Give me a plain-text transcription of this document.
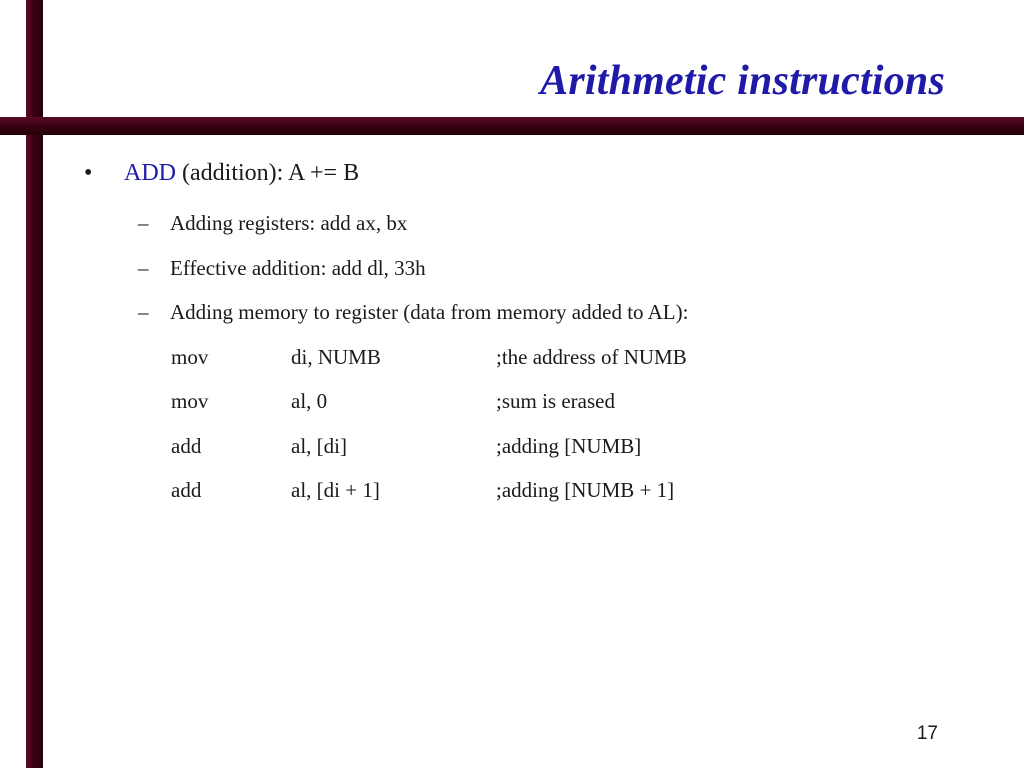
Arithmetic instructions
• ADD (addition): A += B
– Adding registers: add ax, bx
– Effective addition: add dl, 33h
– Adding memory to register (data from memory added to AL):
mov	di, NUMB	;the address of NUMB
mov	al, 0	;sum is erased
add	al, [di]	;adding [NUMB]
add	al, [di + 1]	;adding [NUMB + 1]
17
